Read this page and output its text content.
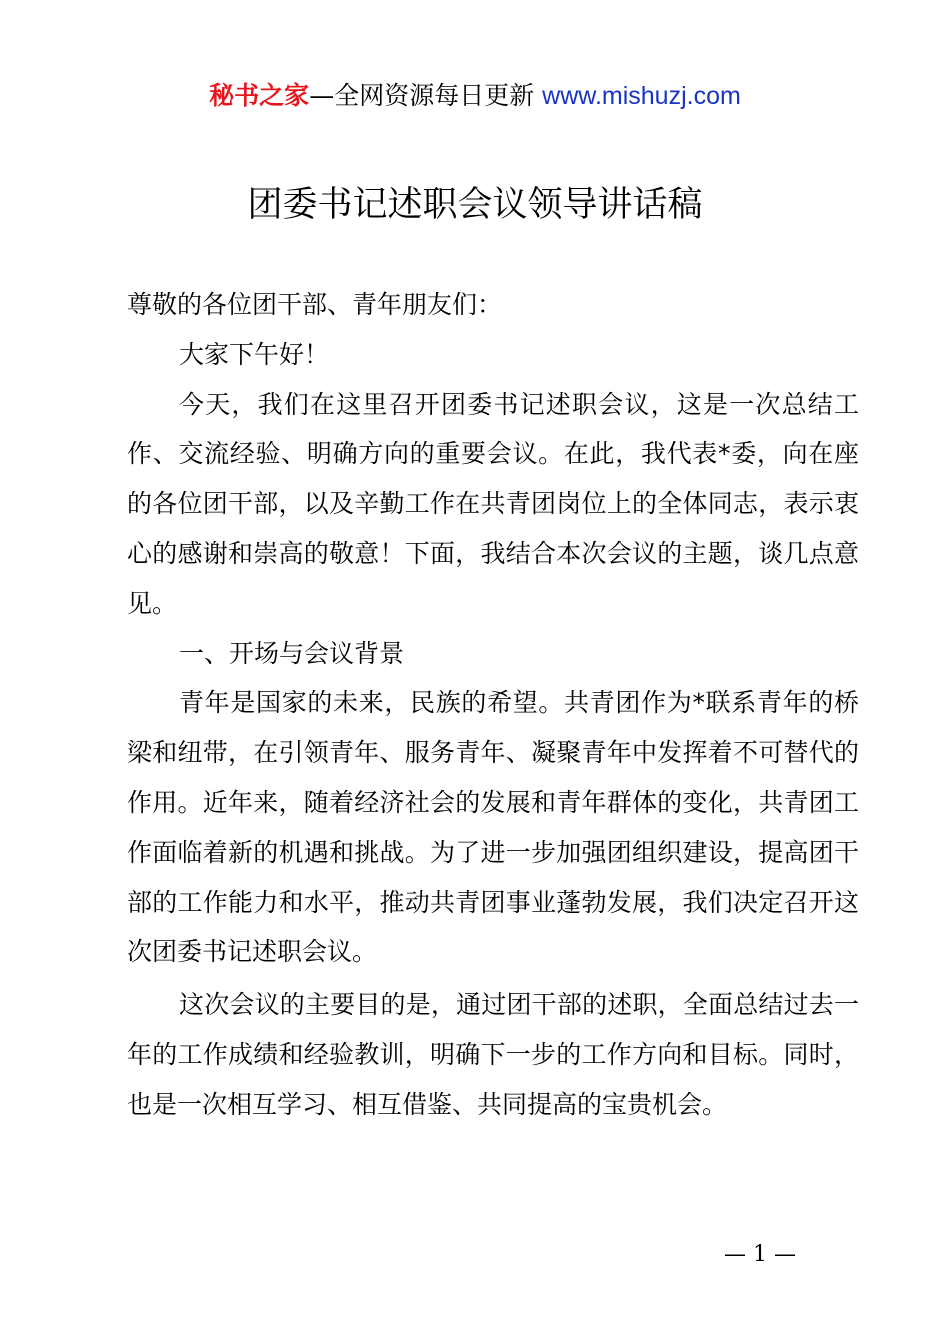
秘书之家—全网资源每日更新 www.mishuzj.com
团委书记述职会议领导讲话稿

尊敬的各位团干部、青年朋友们：

大家下午好！

今天，我们在这里召开团委书记述职会议，这是一次总结工作、交流经验、明确方向的重要会议。在此，我代表*委，向在座的各位团干部，以及辛勤工作在共青团岗位上的全体同志，表示衷心的感谢和崇高的敬意！下面，我结合本次会议的主题，谈几点意见。

一、开场与会议背景

青年是国家的未来，民族的希望。共青团作为*联系青年的桥梁和纽带，在引领青年、服务青年、凝聚青年中发挥着不可替代的作用。近年来，随着经济社会的发展和青年群体的变化，共青团工作面临着新的机遇和挑战。为了进一步加强团组织建设，提高团干部的工作能力和水平，推动共青团事业蓬勃发展，我们决定召开这次团委书记述职会议。

这次会议的主要目的是，通过团干部的述职，全面总结过去一年的工作成绩和经验教训，明确下一步的工作方向和目标。同时，也是一次相互学习、相互借鉴、共同提高的宝贵机会。

— 1 —
